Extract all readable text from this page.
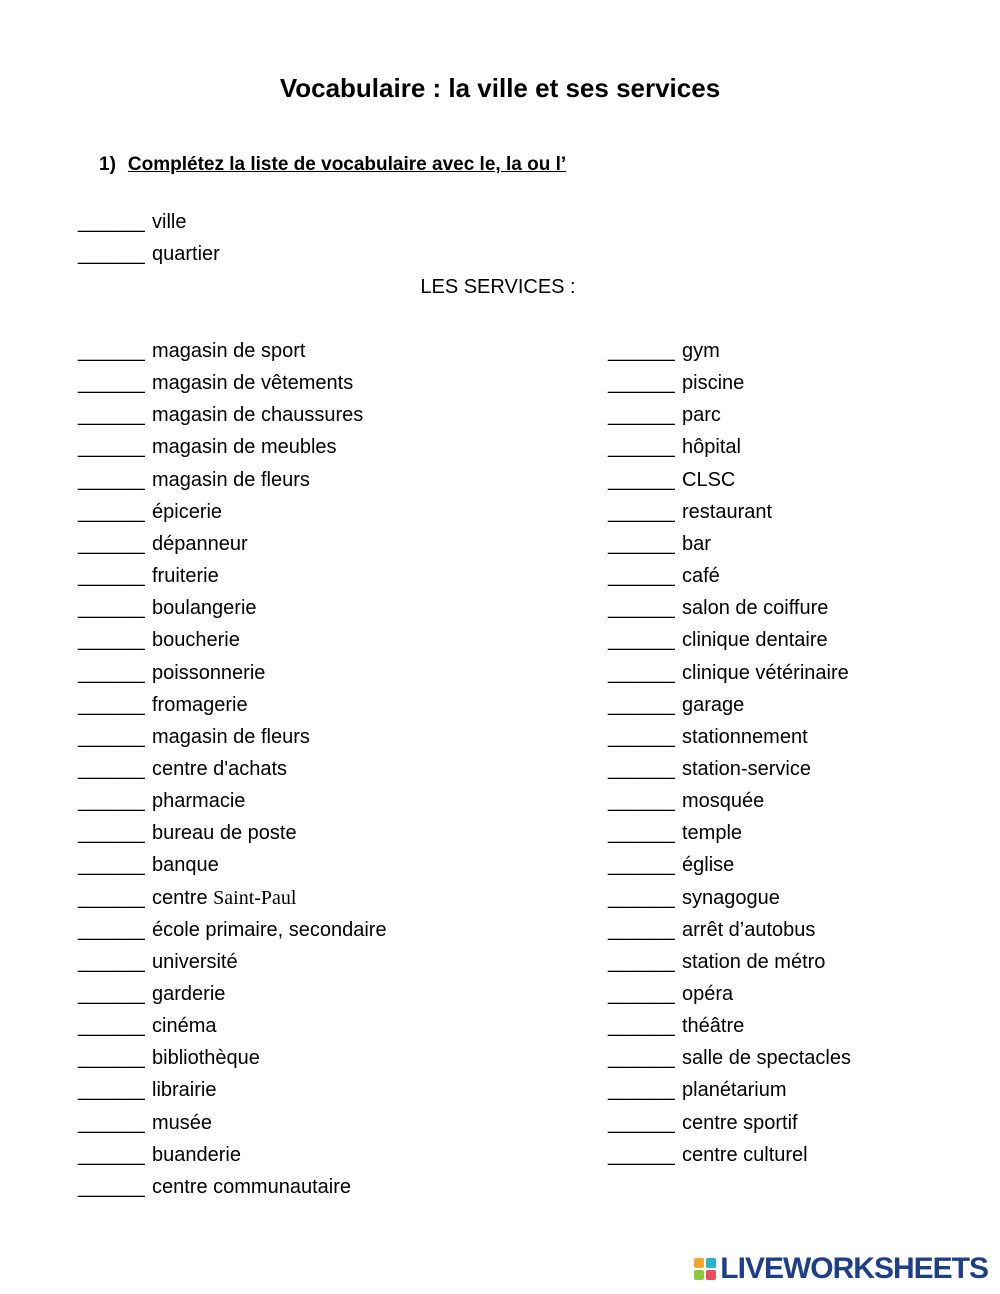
Vocabulaire : la ville et ses services
1) Complétez la liste de vocabulaire avec le, la ou l’
______ ville
______ quartier
LES SERVICES :
______ magasin de sport
______ magasin de vêtements
______ magasin de chaussures
______ magasin de meubles
______ magasin de fleurs
______ épicerie
______ dépanneur
______ fruiterie
______ boulangerie
______ boucherie
______ poissonnerie
______ fromagerie
______ magasin de fleurs
______ centre d'achats
______ pharmacie
______ bureau de poste
______ banque
______ centre Saint-Paul
______ école primaire, secondaire
______ université
______ garderie
______ cinéma
______ bibliothèque
______ librairie
______ musée
______ buanderie
______ centre communautaire
______ gym
______ piscine
______ parc
______ hôpital
______ CLSC
______ restaurant
______ bar
______ café
______ salon de coiffure
______ clinique dentaire
______ clinique vétérinaire
______ garage
______ stationnement
______ station-service
______ mosquée
______ temple
______ église
______ synagogue
______ arrêt d’autobus
______ station de métro
______ opéra
______ théâtre
______ salle de spectacles
______ planétarium
______ centre sportif
______ centre culturel
LIVEWORKSHEETS
